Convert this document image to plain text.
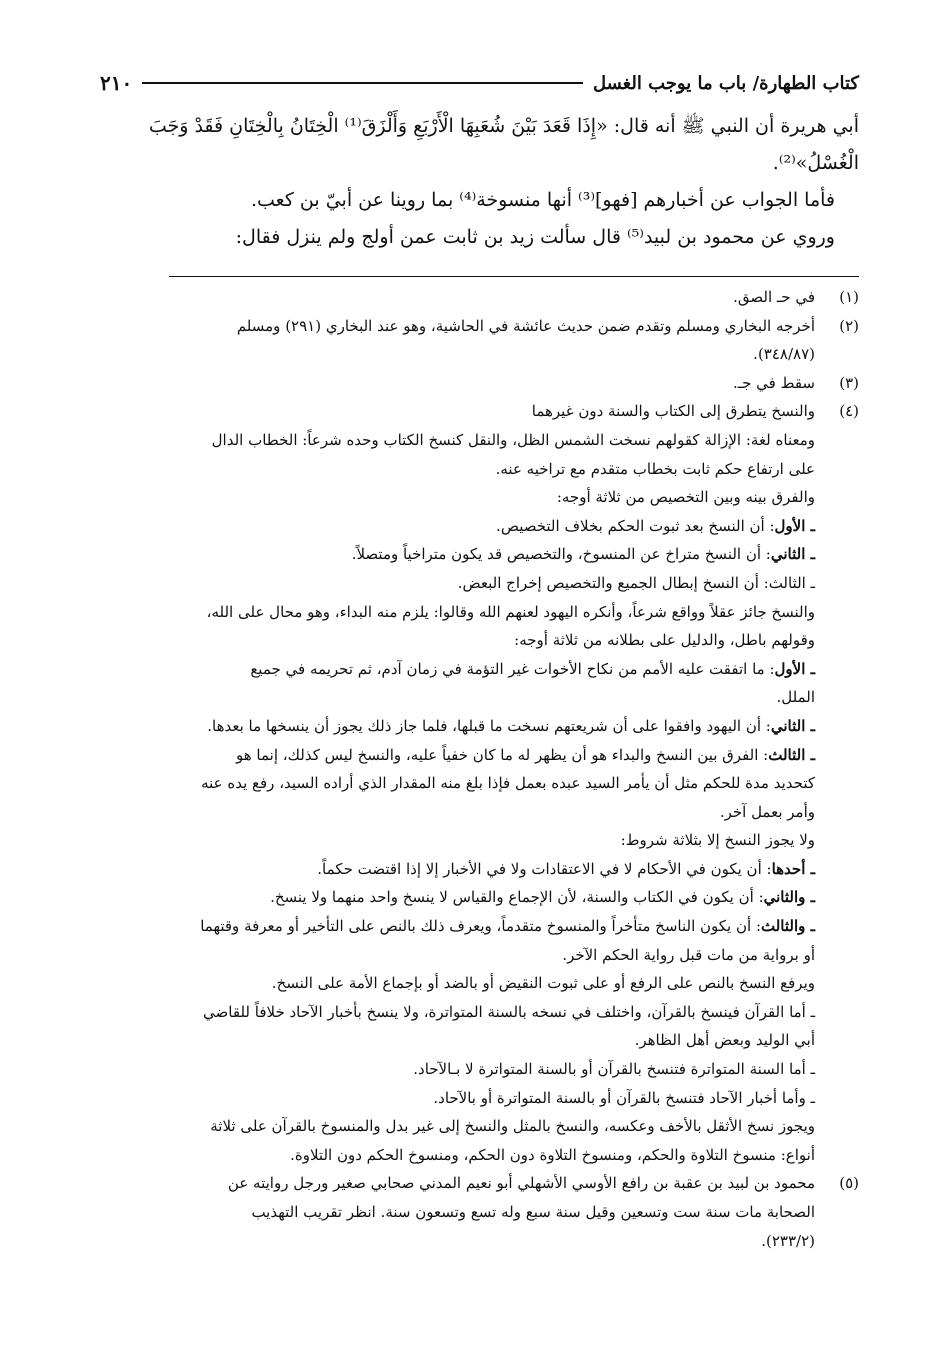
٢١٠	كتاب الطهارة/ باب ما يوجب الغسل

أبي هريرة أن النبي ﷺ أنه قال: «إِذَا قَعَدَ بَيْنَ شُعَبِهَا الْأَرْبَعِ وَأَلْزَقَ⁽¹⁾ الْخِتَانُ بِالْخِتَانِ فَقَدْ وَجَبَ

الْغُسْلُ»⁽²⁾.

فأما الجواب عن أخبارهم [فهو]⁽³⁾ أنها منسوخة⁽⁴⁾ بما روينا عن أبيّ بن كعب.

وروي عن محمود بن لبيد⁽⁵⁾ قال سألت زيد بن ثابت عمن أولج ولم ينزل فقال:

(١)
في حـ الصق.
(٢)
أخرجه البخاري ومسلم وتقدم ضمن حديث عائشة في الحاشية، وهو عند البخاري (٢٩١) ومسلم
(٣٤٨/٨٧).
(٣)
سقط في جـ.
(٤)
والنسخ يتطرق إلى الكتاب والسنة دون غيرهما
ومعناه لغة: الإزالة كقولهم نسخت الشمس الظل، والنقل كنسخ الكتاب وحده شرعاً: الخطاب الدال
على ارتفاع حكم ثابت بخطاب متقدم مع تراخيه عنه.
والفرق بينه وبين التخصيص من ثلاثة أوجه:
ـ الأول: أن النسخ بعد ثبوت الحكم بخلاف التخصيص.
ـ الثاني: أن النسخ متراخ عن المنسوخ، والتخصيص قد يكون متراخياً ومتصلاً.
ـ الثالث: أن النسخ إبطال الجميع والتخصيص إخراج البعض.
والنسخ جائز عقلاً وواقع شرعاً، وأنكره اليهود لعنهم الله وقالوا: يلزم منه البداء، وهو محال على الله،
وقولهم باطل، والدليل على بطلانه من ثلاثة أوجه:
ـ الأول: ما اتفقت عليه الأمم من نكاح الأخوات غير التؤمة في زمان آدم، ثم تحريمه في جميع
الملل.
ـ الثاني: أن اليهود وافقوا على أن شريعتهم نسخت ما قبلها، فلما جاز ذلك يجوز أن ينسخها ما بعدها.
ـ الثالث: الفرق بين النسخ والبداء هو أن يظهر له ما كان خفياً عليه، والنسخ ليس كذلك، إنما هو
كتحديد مدة للحكم مثل أن يأمر السيد عبده بعمل فإذا بلغ منه المقدار الذي أراده السيد، رفع يده عنه
وأمر بعمل آخر.
ولا يجوز النسخ إلا بثلاثة شروط:
ـ أحدها: أن يكون في الأحكام لا في الاعتقادات ولا في الأخبار إلا إذا اقتضت حكماً.
ـ والثاني: أن يكون في الكتاب والسنة، لأن الإجماع والقياس لا ينسخ واحد منهما ولا ينسخ.
ـ والثالث: أن يكون الناسخ متأخراً والمنسوخ متقدماً، ويعرف ذلك بالنص على التأخير أو معرفة وقتهما
أو برواية من مات قبل رواية الحكم الآخر.
ويرفع النسخ بالنص على الرفع أو على ثبوت النقيض أو بالضد أو بإجماع الأمة على النسخ.
ـ أما القرآن فينسخ بالقرآن، واختلف في نسخه بالسنة المتواترة، ولا ينسخ بأخبار الآحاد خلافاً للقاضي
أبي الوليد وبعض أهل الظاهر.
ـ أما السنة المتواترة فتنسخ بالقرآن أو بالسنة المتواترة لا بـالآحاد.
ـ وأما أخبار الآحاد فتنسخ بالقرآن أو بالسنة المتواترة أو بالآحاد.
ويجوز نسخ الأثقل بالأخف وعكسه، والنسخ بالمثل والنسخ إلى غير بدل والمنسوخ بالقرآن على ثلاثة
أنواع: منسوخ التلاوة والحكم، ومنسوخ التلاوة دون الحكم، ومنسوخ الحكم دون التلاوة.
(٥)
محمود بن لبيد بن عقبة بن رافع الأوسي الأشهلي أبو نعيم المدني صحابي صغير ورجل روايته عن
الصحابة مات سنة ست وتسعين وقيل سنة سبع وله تسع وتسعون سنة. انظر تقريب التهذيب
(٢٣٣/٢).
